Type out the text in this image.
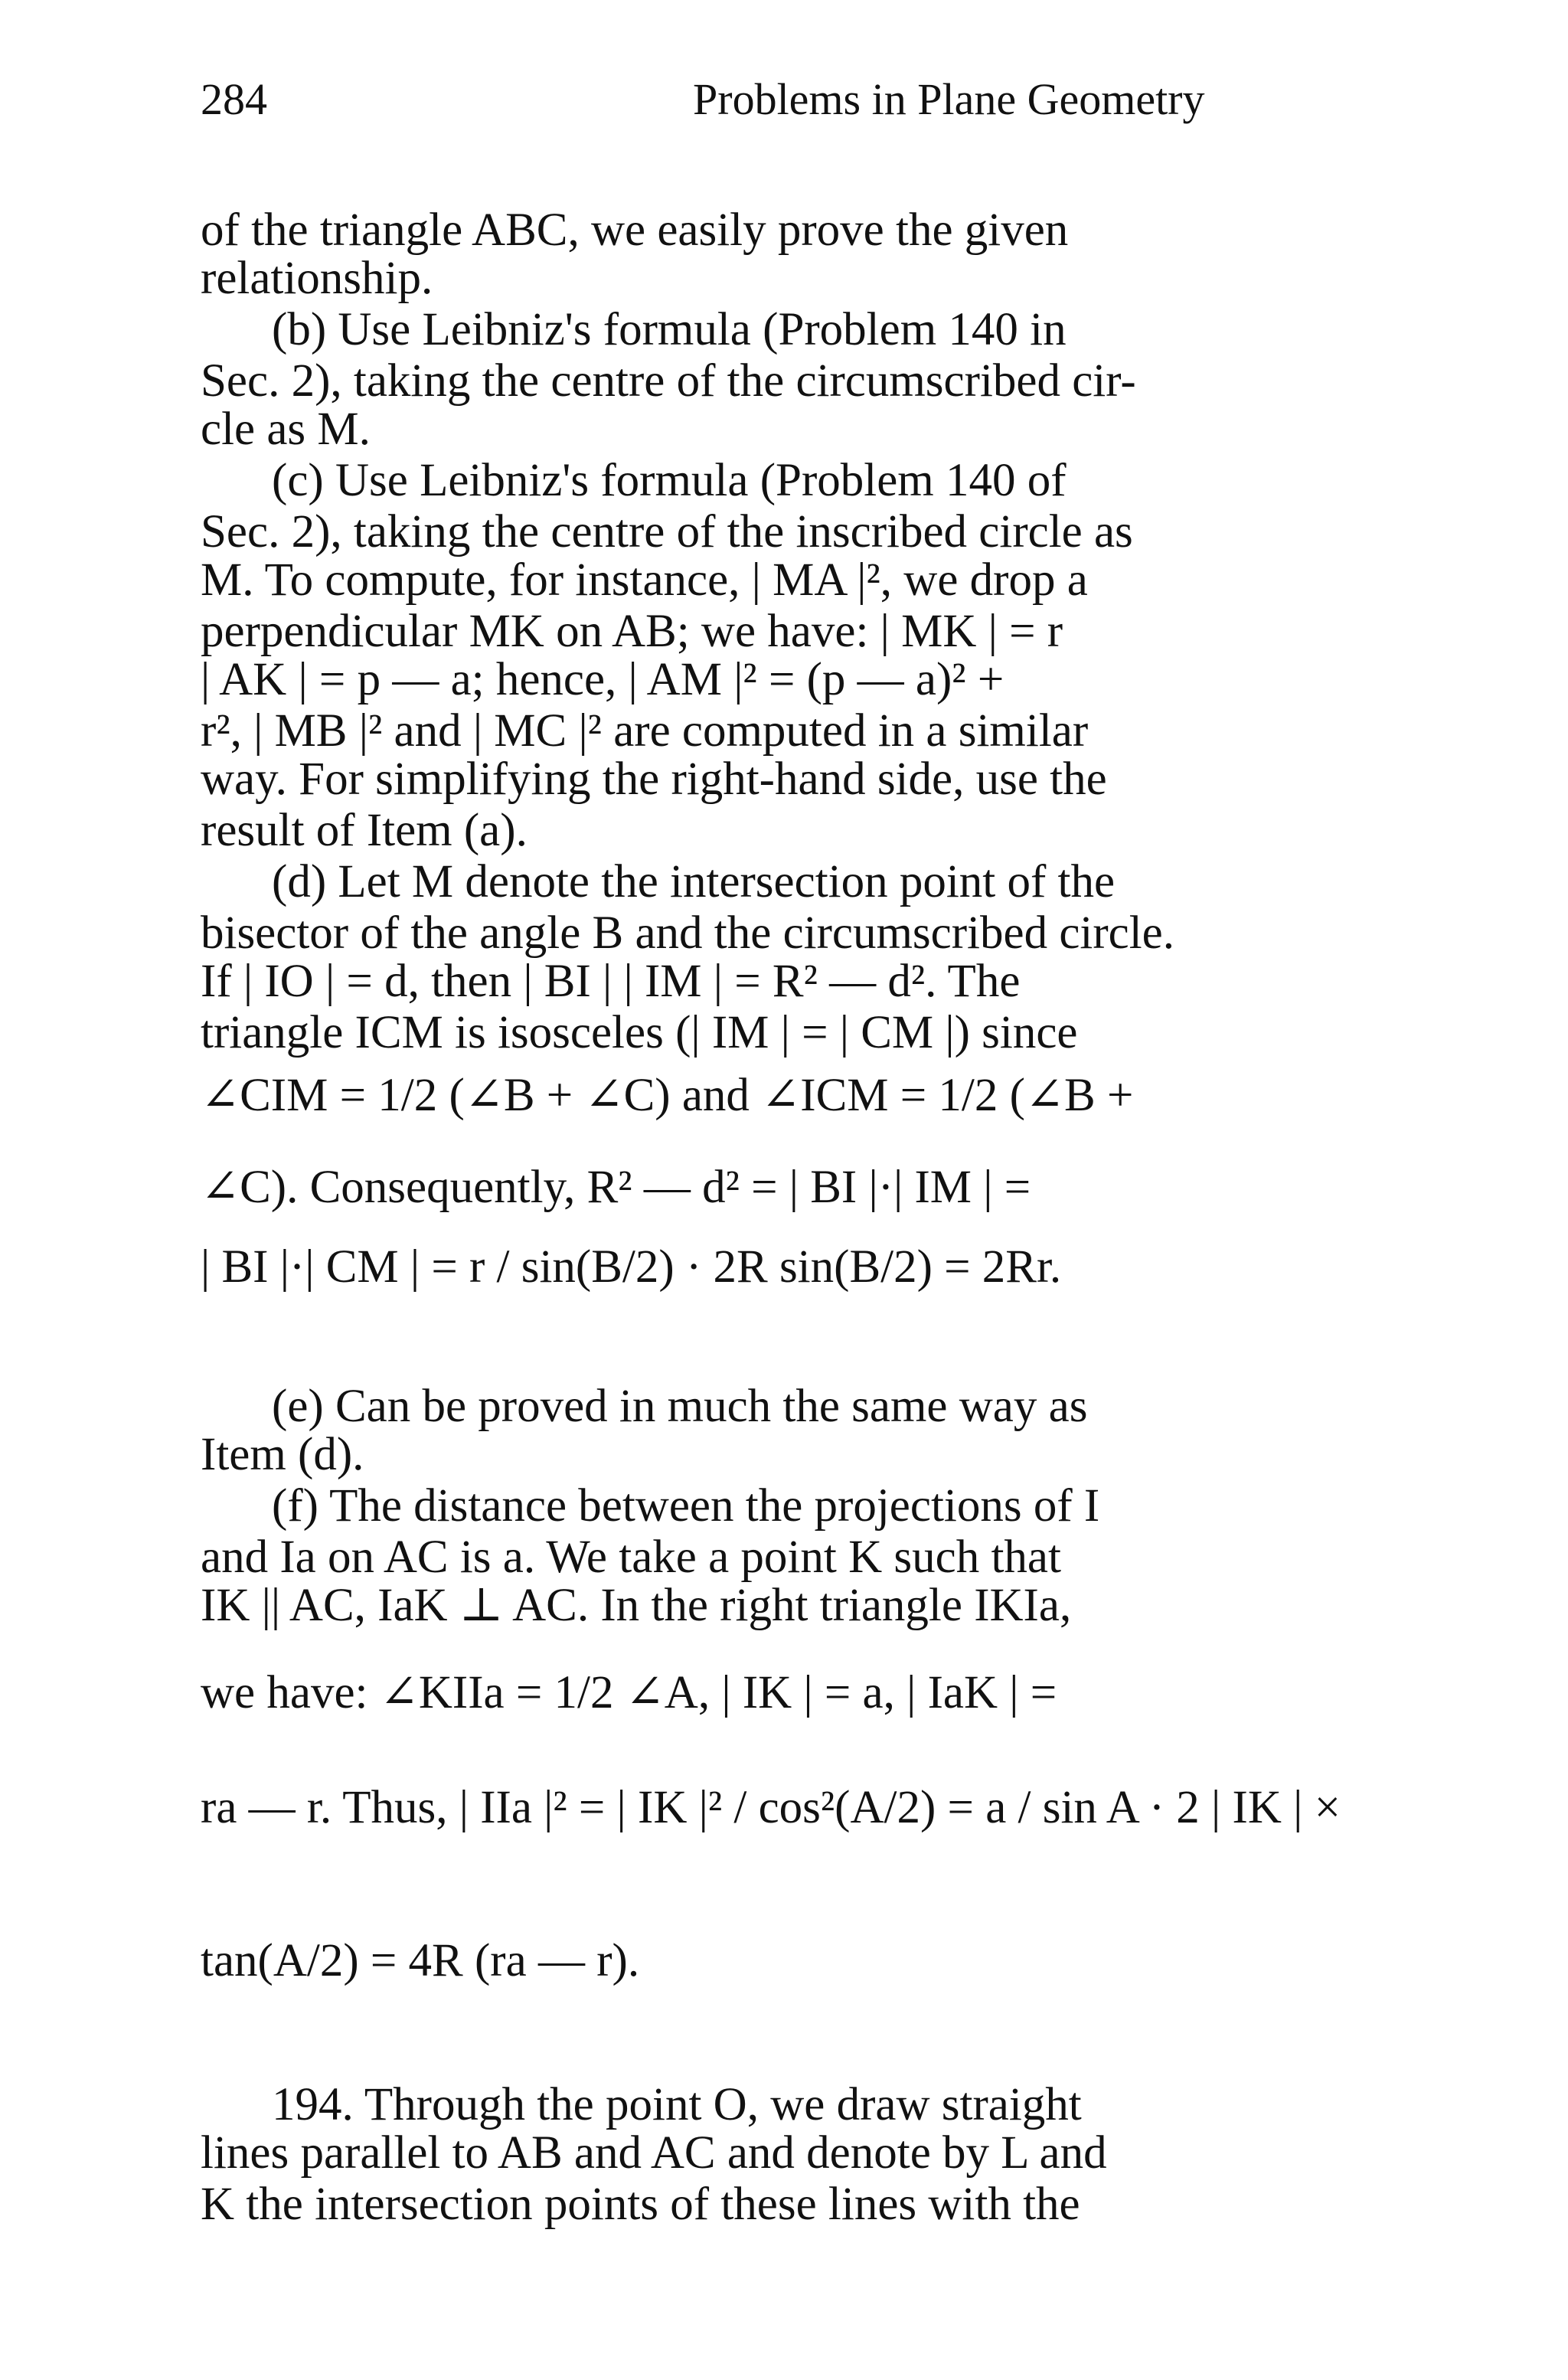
284	Problems in Plane Geometry
of the triangle ABC, we easily prove the given
relationship.
(b) Use Leibniz's formula (Problem 140 in
Sec. 2), taking the centre of the circumscribed cir-
cle as M.
(c) Use Leibniz's formula (Problem 140 of
Sec. 2), taking the centre of the inscribed circle as
M. To compute, for instance, | MA |², we drop a
perpendicular MK on AB; we have: | MK | = r
| AK | = p — a; hence, | AM |² = (p — a)² +
r², | MB |² and | MC |² are computed in a similar
way. For simplifying the right-hand side, use the
result of Item (a).
(d) Let M denote the intersection point of the
bisector of the angle B and the circumscribed circle.
If | IO | = d, then | BI | | IM | = R² — d². The
triangle ICM is isosceles (| IM | = | CM |) since
∠CIM = 1/2 (∠B + ∠C) and ∠ICM = 1/2 (∠B +
∠C). Consequently, R² — d² = | BI |·| IM | =
| BI |·| CM | = r / sin(B/2) · 2R sin(B/2) = 2Rr.
(e) Can be proved in much the same way as
Item (d).
(f) The distance between the projections of I
and Ia on AC is a. We take a point K such that
IK || AC, IaK ⊥ AC. In the right triangle IKIa,
we have: ∠KIIa = 1/2 ∠A, | IK | = a, | IaK | =
ra — r. Thus, | IIa |² = | IK |² / cos²(A/2) = a / sin A · 2 | IK | ×
tan(A/2) = 4R (ra — r).
194. Through the point O, we draw straight
lines parallel to AB and AC and denote by L and
K the intersection points of these lines with the
